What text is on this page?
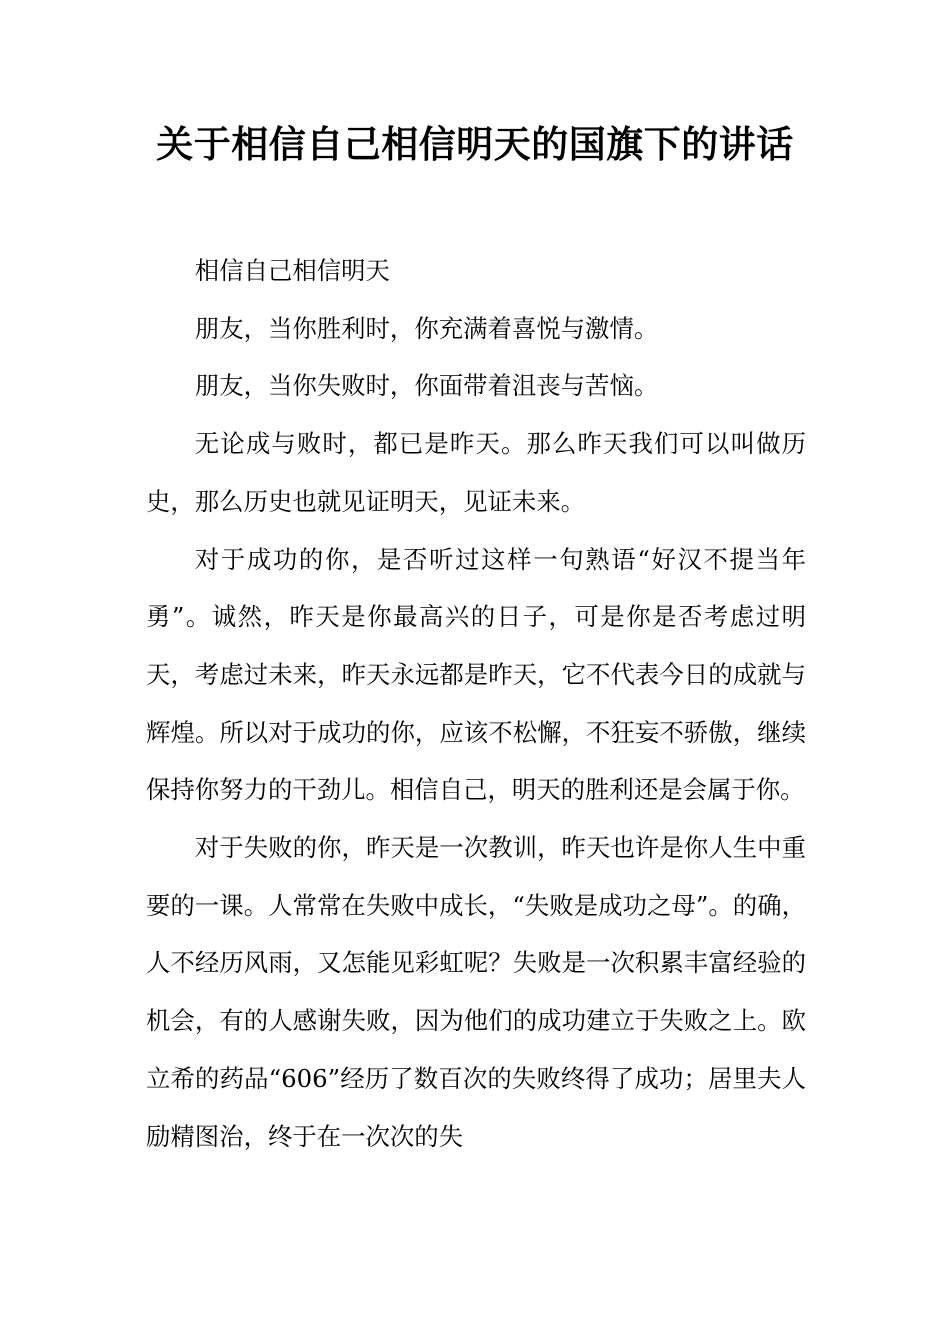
关于相信自己相信明天的国旗下的讲话

相信自己相信明天

朋友，当你胜利时，你充满着喜悦与激情。

朋友，当你失败时，你面带着沮丧与苦恼。

无论成与败时，都已是昨天。那么昨天我们可以叫做历史，那么历史也就见证明天，见证未来。

对于成功的你，是否听过这样一句熟语“好汉不提当年勇”。诚然，昨天是你最高兴的日子，可是你是否考虑过明天，考虑过未来，昨天永远都是昨天，它不代表今日的成就与辉煌。所以对于成功的你，应该不松懈，不狂妄不骄傲，继续保持你努力的干劲儿。相信自己，明天的胜利还是会属于你。

对于失败的你，昨天是一次教训，昨天也许是你人生中重要的一课。人常常在失败中成长，“失败是成功之母”。的确，人不经历风雨，又怎能见彩虹呢？失败是一次积累丰富经验的机会，有的人感谢失败，因为他们的成功建立于失败之上。欧立希的药品“606”经历了数百次的失败终得了成功；居里夫人励精图治，终于在一次次的失
